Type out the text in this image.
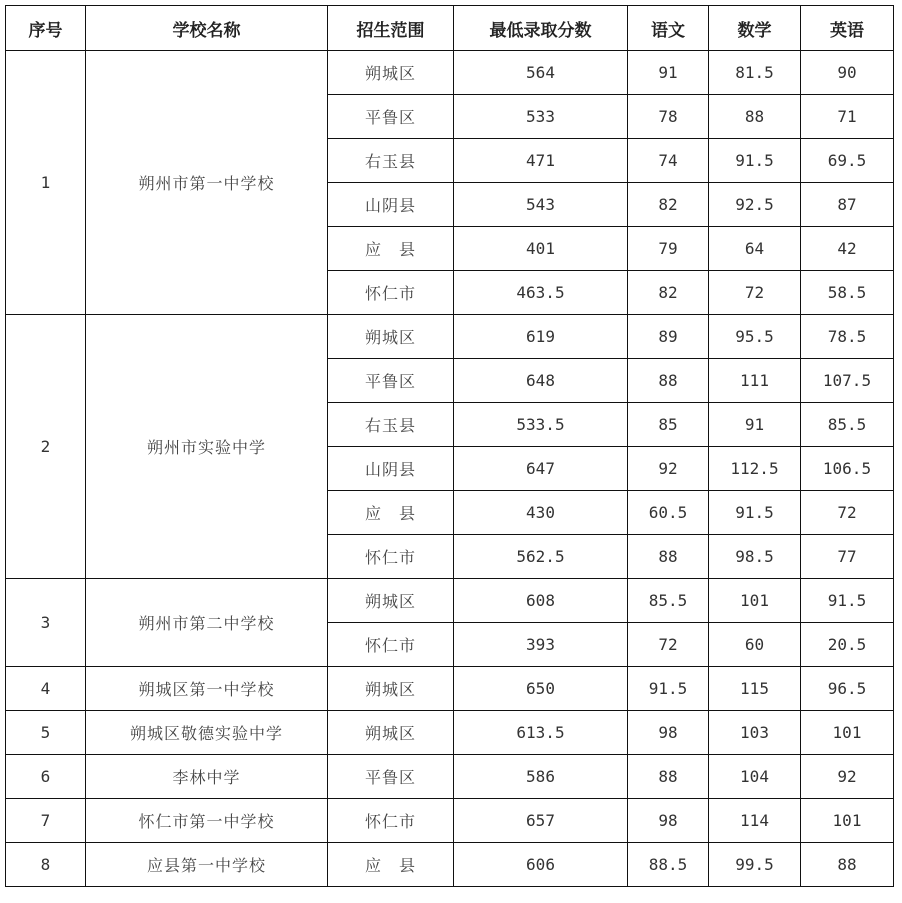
序号	学校名称	招生范围	最低录取分数	语文	数学	英语
1	朔州市第一中学校	朔城区	564	91	81.5	90
		平鲁区	533	78	88	71
		右玉县	471	74	91.5	69.5
		山阴县	543	82	92.5	87
		应　县	401	79	64	42
		怀仁市	463.5	82	72	58.5
2	朔州市实验中学	朔城区	619	89	95.5	78.5
		平鲁区	648	88	111	107.5
		右玉县	533.5	85	91	85.5
		山阴县	647	92	112.5	106.5
		应　县	430	60.5	91.5	72
		怀仁市	562.5	88	98.5	77
3	朔州市第二中学校	朔城区	608	85.5	101	91.5
		怀仁市	393	72	60	20.5
4	朔城区第一中学校	朔城区	650	91.5	115	96.5
5	朔城区敬德实验中学	朔城区	613.5	98	103	101
6	李林中学	平鲁区	586	88	104	92
7	怀仁市第一中学校	怀仁市	657	98	114	101
8	应县第一中学校	应　县	606	88.5	99.5	88
